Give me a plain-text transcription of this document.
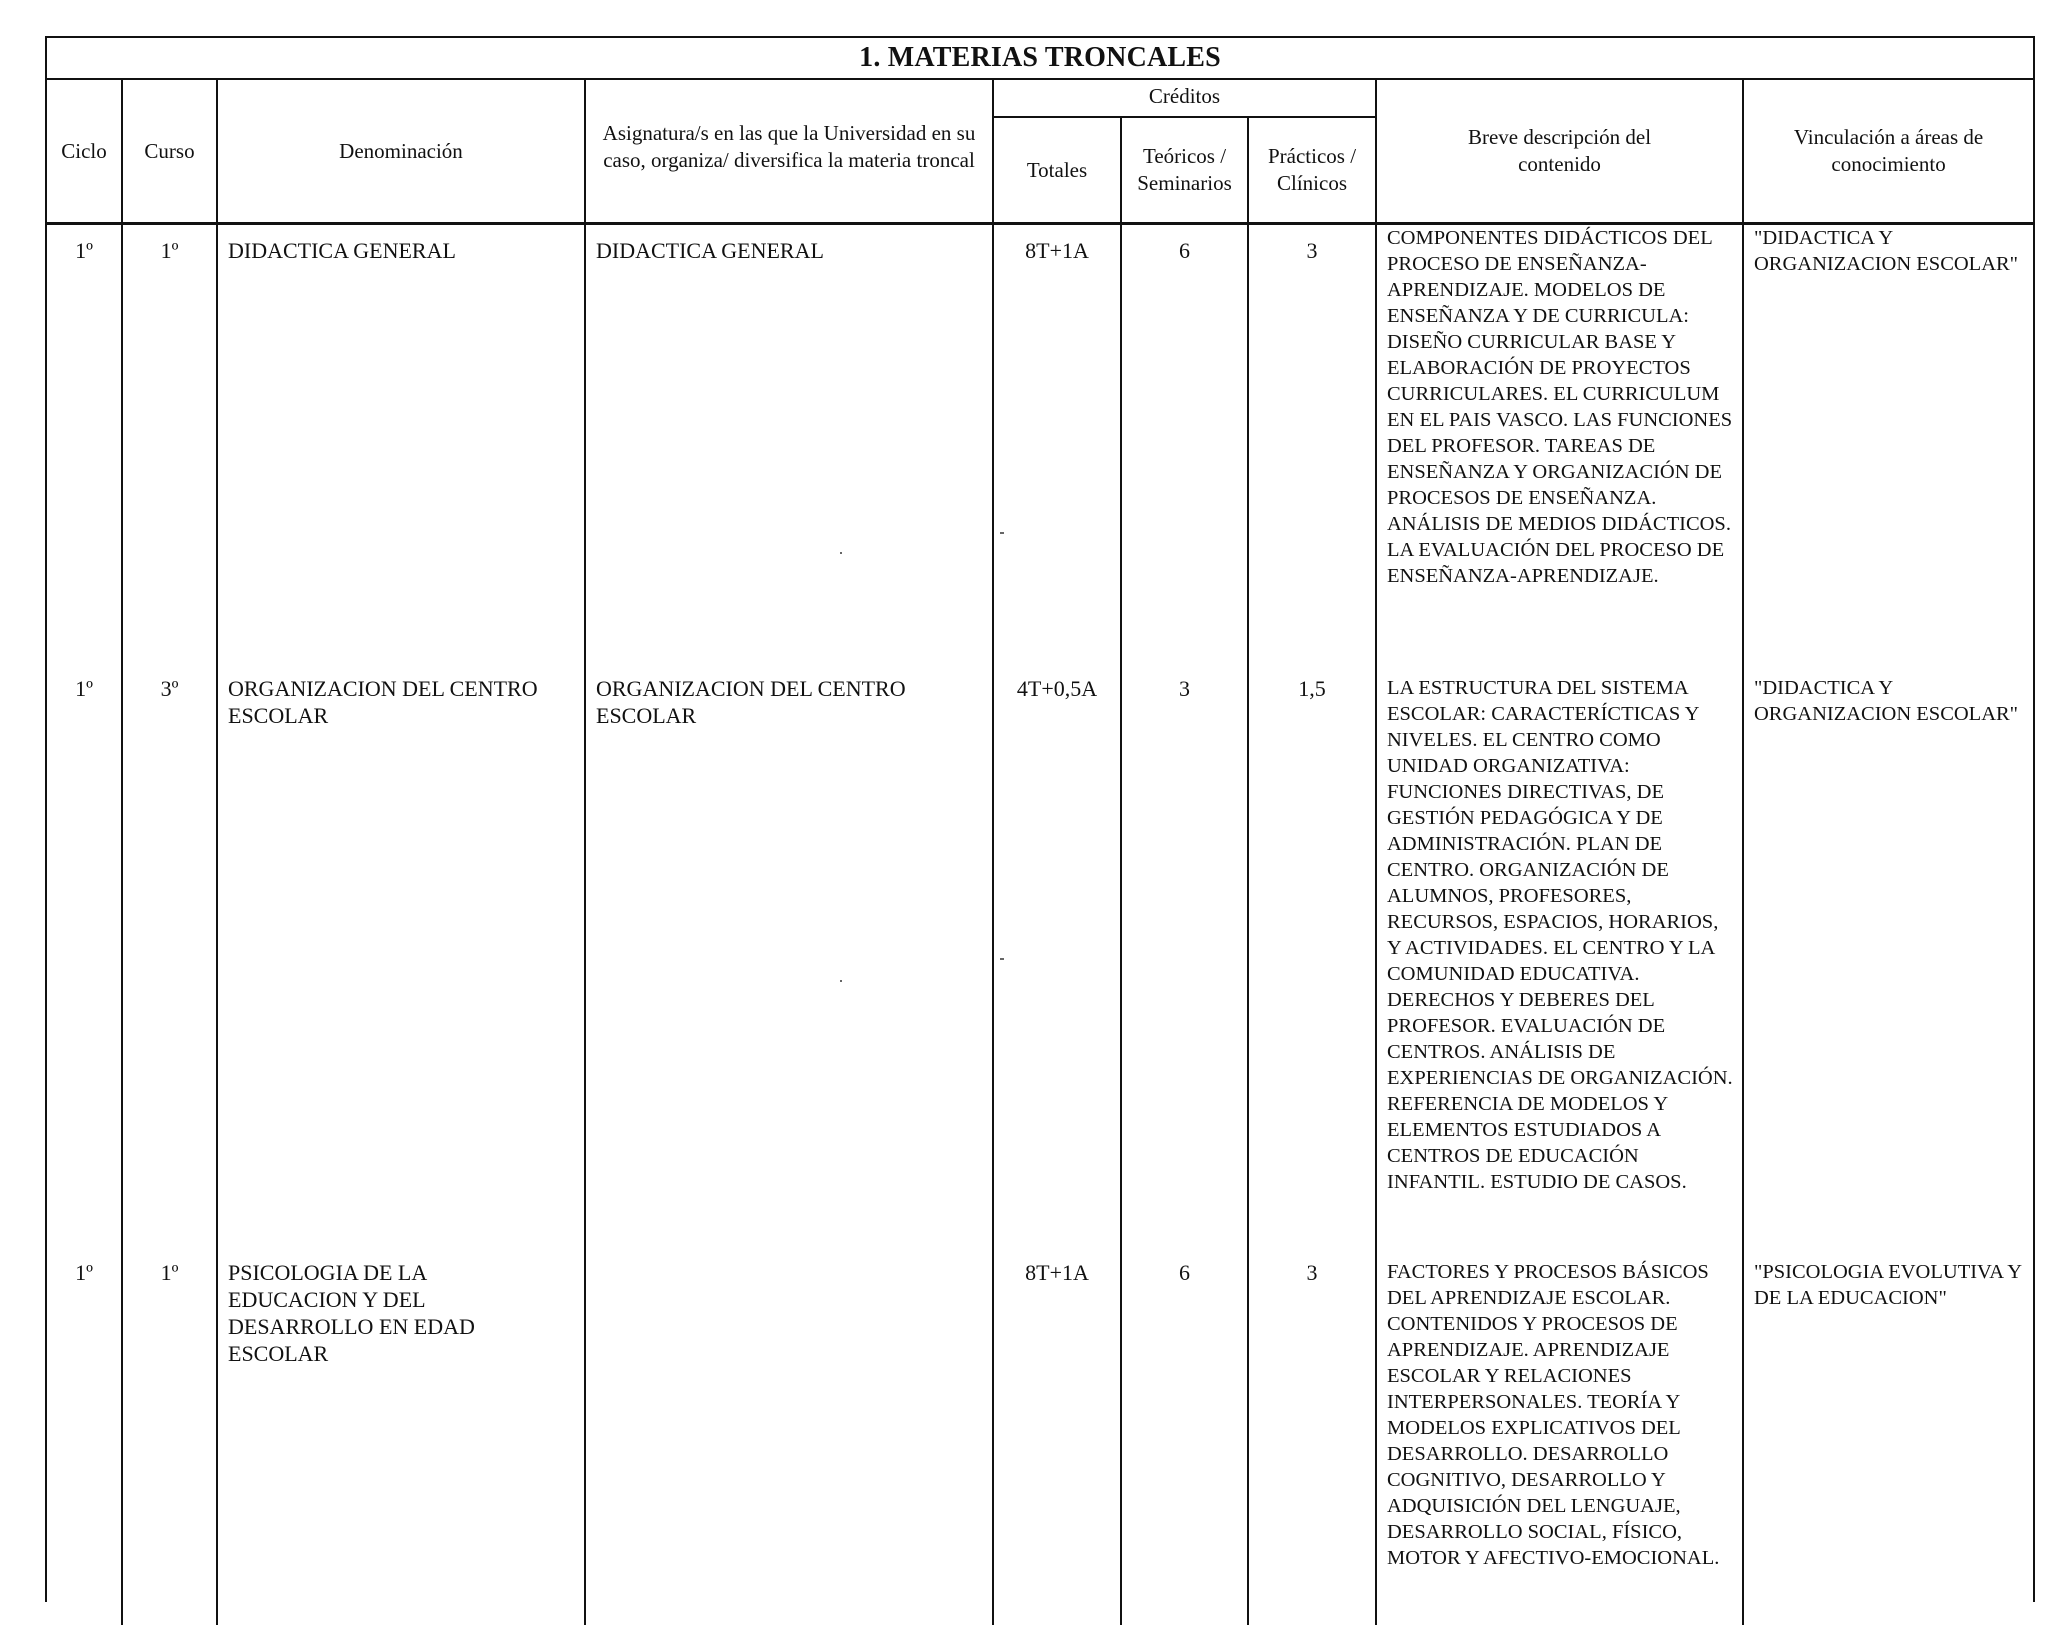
1. MATERIAS TRONCALES								
Ciclo	Curso	Denominación	Asignatura/s en las que la Universidad en su caso, organiza/ diversifica la materia troncal	Créditos			Breve descripción del contenido	Vinculación a áreas de conocimiento
				Totales	Teóricos / Seminarios	Prácticos / Clínicos		
1º	1º	DIDACTICA GENERAL	DIDACTICA GENERAL	8T+1A	6	3	COMPONENTES DIDÁCTICOS DEL PROCESO DE ENSEÑANZA-APRENDIZAJE. MODELOS DE ENSEÑANZA Y DE CURRICULA: DISEÑO CURRICULAR BASE Y ELABORACIÓN DE PROYECTOS CURRICULARES. EL CURRICULUM EN EL PAIS VASCO. LAS FUNCIONES DEL PROFESOR. TAREAS DE ENSEÑANZA Y ORGANIZACIÓN DE PROCESOS DE ENSEÑANZA. ANÁLISIS DE MEDIOS DIDÁCTICOS. LA EVALUACIÓN DEL PROCESO DE ENSEÑANZA-APRENDIZAJE.	"DIDACTICA Y ORGANIZACION ESCOLAR"
1º	3º	ORGANIZACION DEL CENTRO ESCOLAR	ORGANIZACION DEL CENTRO ESCOLAR	4T+0,5A	3	1,5	LA ESTRUCTURA DEL SISTEMA ESCOLAR: CARACTERÍCTICAS Y NIVELES. EL CENTRO COMO UNIDAD ORGANIZATIVA: FUNCIONES DIRECTIVAS, DE GESTIÓN PEDAGÓGICA Y DE ADMINISTRACIÓN. PLAN DE CENTRO. ORGANIZACIÓN DE ALUMNOS, PROFESORES, RECURSOS, ESPACIOS, HORARIOS, Y ACTIVIDADES. EL CENTRO Y LA COMUNIDAD EDUCATIVA. DERECHOS Y DEBERES DEL PROFESOR. EVALUACIÓN DE CENTROS. ANÁLISIS DE EXPERIENCIAS DE ORGANIZACIÓN. REFERENCIA DE MODELOS Y ELEMENTOS ESTUDIADOS A CENTROS DE EDUCACIÓN INFANTIL. ESTUDIO DE CASOS.	"DIDACTICA Y ORGANIZACION ESCOLAR"
1º	1º	PSICOLOGIA DE LA EDUCACION Y DEL DESARROLLO EN EDAD ESCOLAR		8T+1A	6	3	FACTORES Y PROCESOS BÁSICOS DEL APRENDIZAJE ESCOLAR. CONTENIDOS Y PROCESOS DE APRENDIZAJE. APRENDIZAJE ESCOLAR Y RELACIONES INTERPERSONALES. TEORÍA Y MODELOS EXPLICATIVOS DEL DESARROLLO. DESARROLLO COGNITIVO, DESARROLLO Y ADQUISICIÓN DEL LENGUAJE, DESARROLLO SOCIAL, FÍSICO, MOTOR Y AFECTIVO-EMOCIONAL.	"PSICOLOGIA EVOLUTIVA Y DE LA EDUCACION"
